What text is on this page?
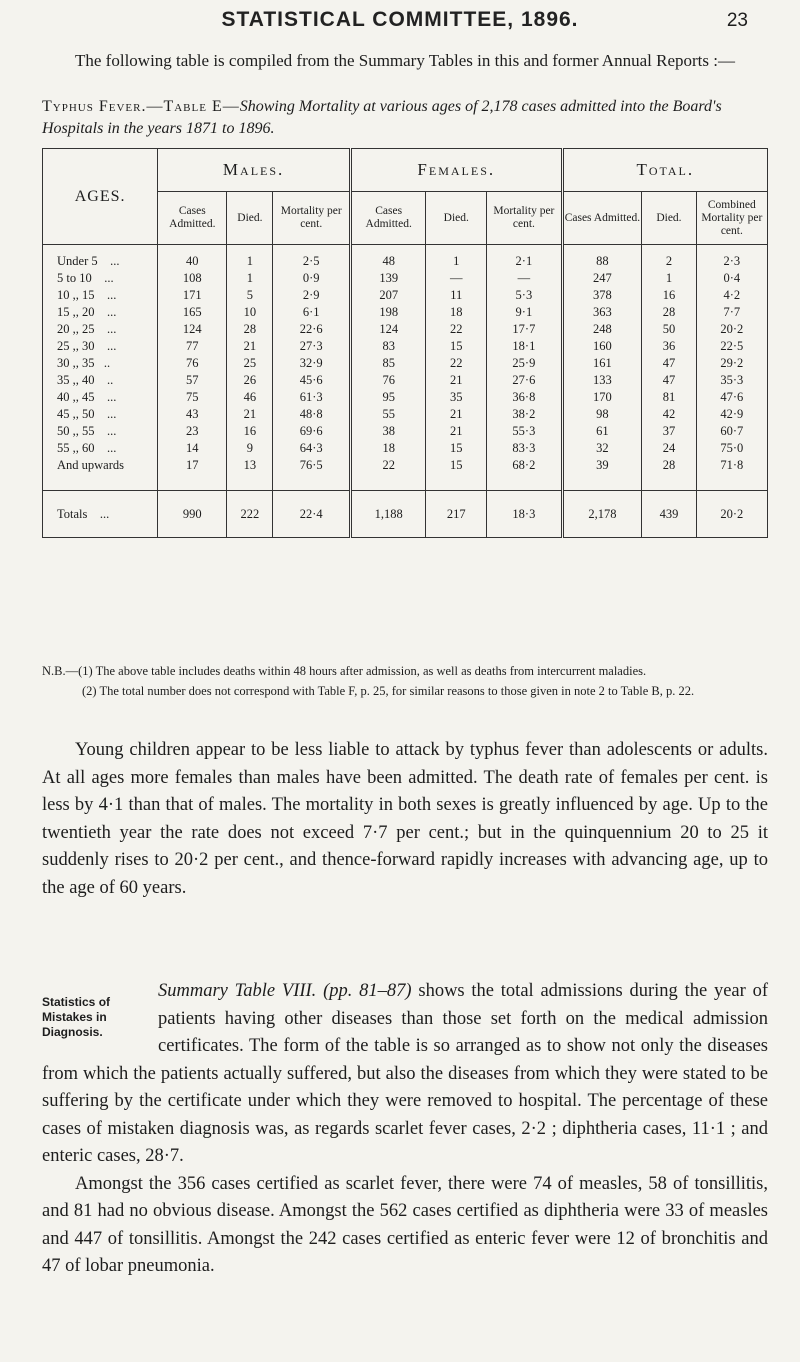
STATISTICAL COMMITTEE, 1896.	23
The following table is compiled from the Summary Tables in this and former Annual Reports :—
Typhus Fever.—Table E—Showing Mortality at various ages of 2,178 cases admitted into the Board's Hospitals in the years 1871 to 1896.
AGES.	Males.			Females.			Total.		
	Cases Admitted.	Died.	Mortality per cent.	Cases Admitted.	Died.	Mortality per cent.	Cases Admitted.	Died.	Combined Mortality per cent.
Under 5    ...	40	1	2·5	48	1	2·1	88	2	2·3
5 to 10    ...	108	1	0·9	139	—	—	247	1	0·4
10 ,, 15    ...	171	5	2·9	207	11	5·3	378	16	4·2
15 ,, 20    ...	165	10	6·1	198	18	9·1	363	28	7·7
20 ,, 25    ...	124	28	22·6	124	22	17·7	248	50	20·2
25 ,, 30    ...	77	21	27·3	83	15	18·1	160	36	22·5
30 ,, 35   ..	76	25	32·9	85	22	25·9	161	47	29·2
35 ,, 40    ..	57	26	45·6	76	21	27·6	133	47	35·3
40 ,, 45    ...	75	46	61·3	95	35	36·8	170	81	47·6
45 ,, 50    ...	43	21	48·8	55	21	38·2	98	42	42·9
50 ,, 55    ...	23	16	69·6	38	21	55·3	61	37	60·7
55 ,, 60    ...	14	9	64·3	18	15	83·3	32	24	75·0
And upwards	17	13	76·5	22	15	68·2	39	28	71·8

Totals    ...	990	222	22·4	1,188	217	18·3	2,178	439	20·2

N.B.—(1) The above table includes deaths within 48 hours after admission, as well as deaths from intercurrent maladies.

(2) The total number does not correspond with Table F, p. 25, for similar reasons to those given in note 2 to Table B, p. 22.

Young children appear to be less liable to attack by typhus fever than adolescents or adults. At all ages more females than males have been admitted. The death rate of females per cent. is less by 4·1 than that of males. The mortality in both sexes is greatly influenced by age. Up to the twentieth year the rate does not exceed 7·7 per cent.; but in the quinquennium 20 to 25 it suddenly rises to 20·2 per cent., and thence-forward rapidly increases with advancing age, up to the age of 60 years.

Summary Table VIII. (pp. 81–87) shows the total admissions during the year of patients having other diseases than those set forth on the medical admission certificates. The form of the table is so arranged as to show not only the diseases from which the patients actually suffered, but also the diseases from which they were stated to be suffering by the certificate under which they were removed to hospital. The percentage of these cases of mistaken diagnosis was, as regards scarlet fever cases, 2·2 ; diphtheria cases, 11·1 ; and enteric cases, 28·7.

Amongst the 356 cases certified as scarlet fever, there were 74 of measles, 58 of tonsillitis, and 81 had no obvious disease. Amongst the 562 cases certified as diphtheria were 33 of measles and 447 of tonsillitis. Amongst the 242 cases certified as enteric fever were 12 of bronchitis and 47 of lobar pneumonia.

Statistics of Mistakes in Diagnosis.
